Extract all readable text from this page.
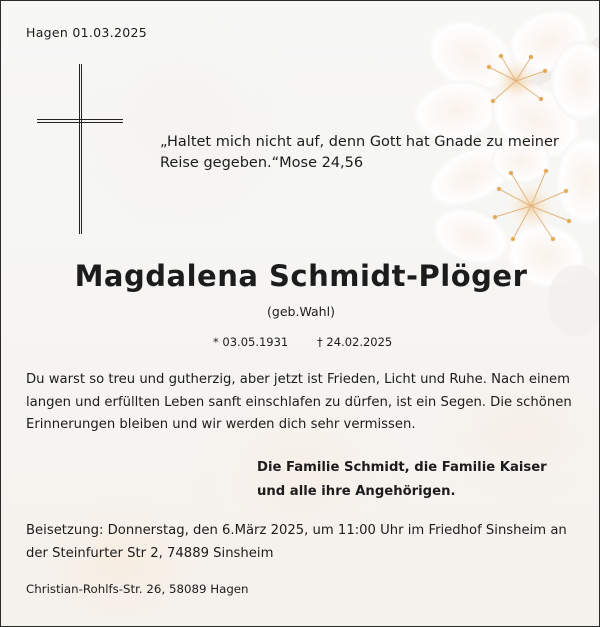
Hagen 01.03.2025
„Haltet mich nicht auf, denn Gott hat Gnade zu meiner
Reise gegeben.“Mose 24,56
Magdalena Schmidt-Plöger
(geb.Wahl)
* 03.05.1931	† 24.02.2025
Du warst so treu und gutherzig, aber jetzt ist Frieden, Licht und Ruhe. Nach einem langen und erfüllten Leben sanft einschlafen zu dürfen, ist ein Segen. Die schönen Erinnerungen bleiben und wir werden dich sehr vermissen.
Die Familie Schmidt, die Familie Kaiser und alle ihre Angehörigen.
Beisetzung: Donnerstag, den 6.März 2025, um 11:00 Uhr im Friedhof Sinsheim an der Steinfurter Str 2, 74889 Sinsheim
Christian-Rohlfs-Str. 26, 58089 Hagen
